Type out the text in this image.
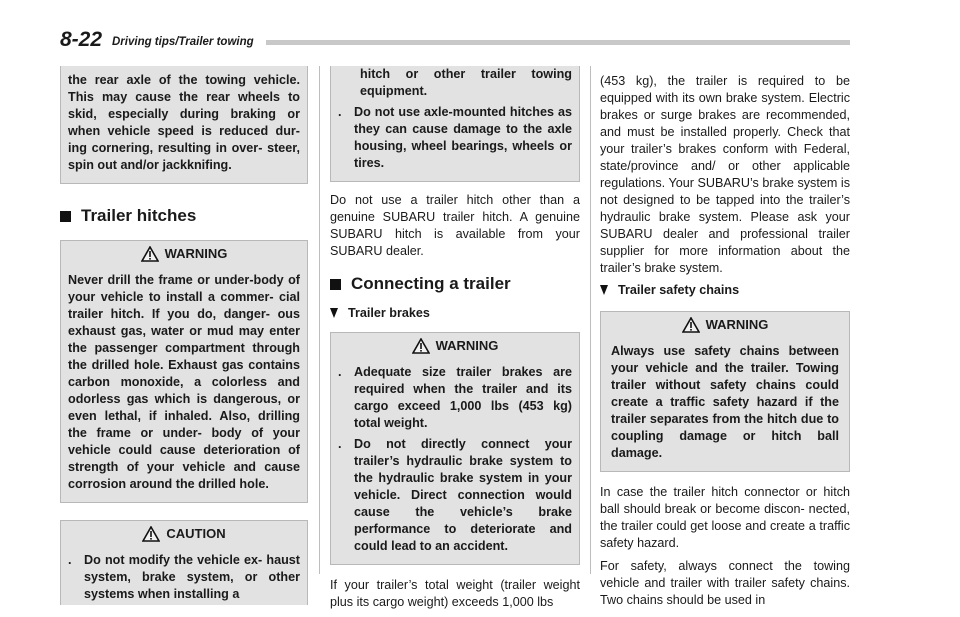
8-22 Driving tips/Trailer towing
the rear axle of the towing vehicle. This may cause the rear wheels to skid, especially during braking or when vehicle speed is reduced dur- ing cornering, resulting in over- steer, spin out and/or jackknifing.
Trailer hitches
WARNING
Never drill the frame or under-body of your vehicle to install a commer- cial trailer hitch. If you do, danger- ous exhaust gas, water or mud may enter the passenger compartment through the drilled hole. Exhaust gas contains carbon monoxide, a colorless and odorless gas which is dangerous, or even lethal, if inhaled. Also, drilling the frame or under- body of your vehicle could cause deterioration of strength of your vehicle and cause corrosion around the drilled hole.
CAUTION
. Do not modify the vehicle ex- haust system, brake system, or other systems when installing a
hitch or other trailer towing equipment.
. Do not use axle-mounted hitches as they can cause damage to the axle housing, wheel bearings, wheels or tires.

Do not use a trailer hitch other than a genuine SUBARU trailer hitch. A genuine SUBARU hitch is available from your SUBARU dealer.

Connecting a trailer
Trailer brakes
WARNING
. Adequate size trailer brakes are required when the trailer and its cargo exceed 1,000 lbs (453 kg) total weight.
. Do not directly connect your trailer’s hydraulic brake system to the hydraulic brake system in your vehicle. Direct connection would cause the vehicle’s brake performance to deteriorate and could lead to an accident.

If your trailer’s total weight (trailer weight plus its cargo weight) exceeds 1,000 lbs

(453 kg), the trailer is required to be equipped with its own brake system. Electric brakes or surge brakes are recommended, and must be installed properly. Check that your trailer’s brakes conform with Federal, state/province and/ or other applicable regulations. Your SUBARU’s brake system is not designed to be tapped into the trailer’s hydraulic brake system. Please ask your SUBARU dealer and professional trailer supplier for more information about the trailer’s brake system.

Trailer safety chains
WARNING
Always use safety chains between your vehicle and the trailer. Towing trailer without safety chains could create a traffic safety hazard if the trailer separates from the hitch due to coupling damage or hitch ball damage.

In case the trailer hitch connector or hitch ball should break or become discon- nected, the trailer could get loose and create a traffic safety hazard.

For safety, always connect the towing vehicle and trailer with trailer safety chains. Two chains should be used in
